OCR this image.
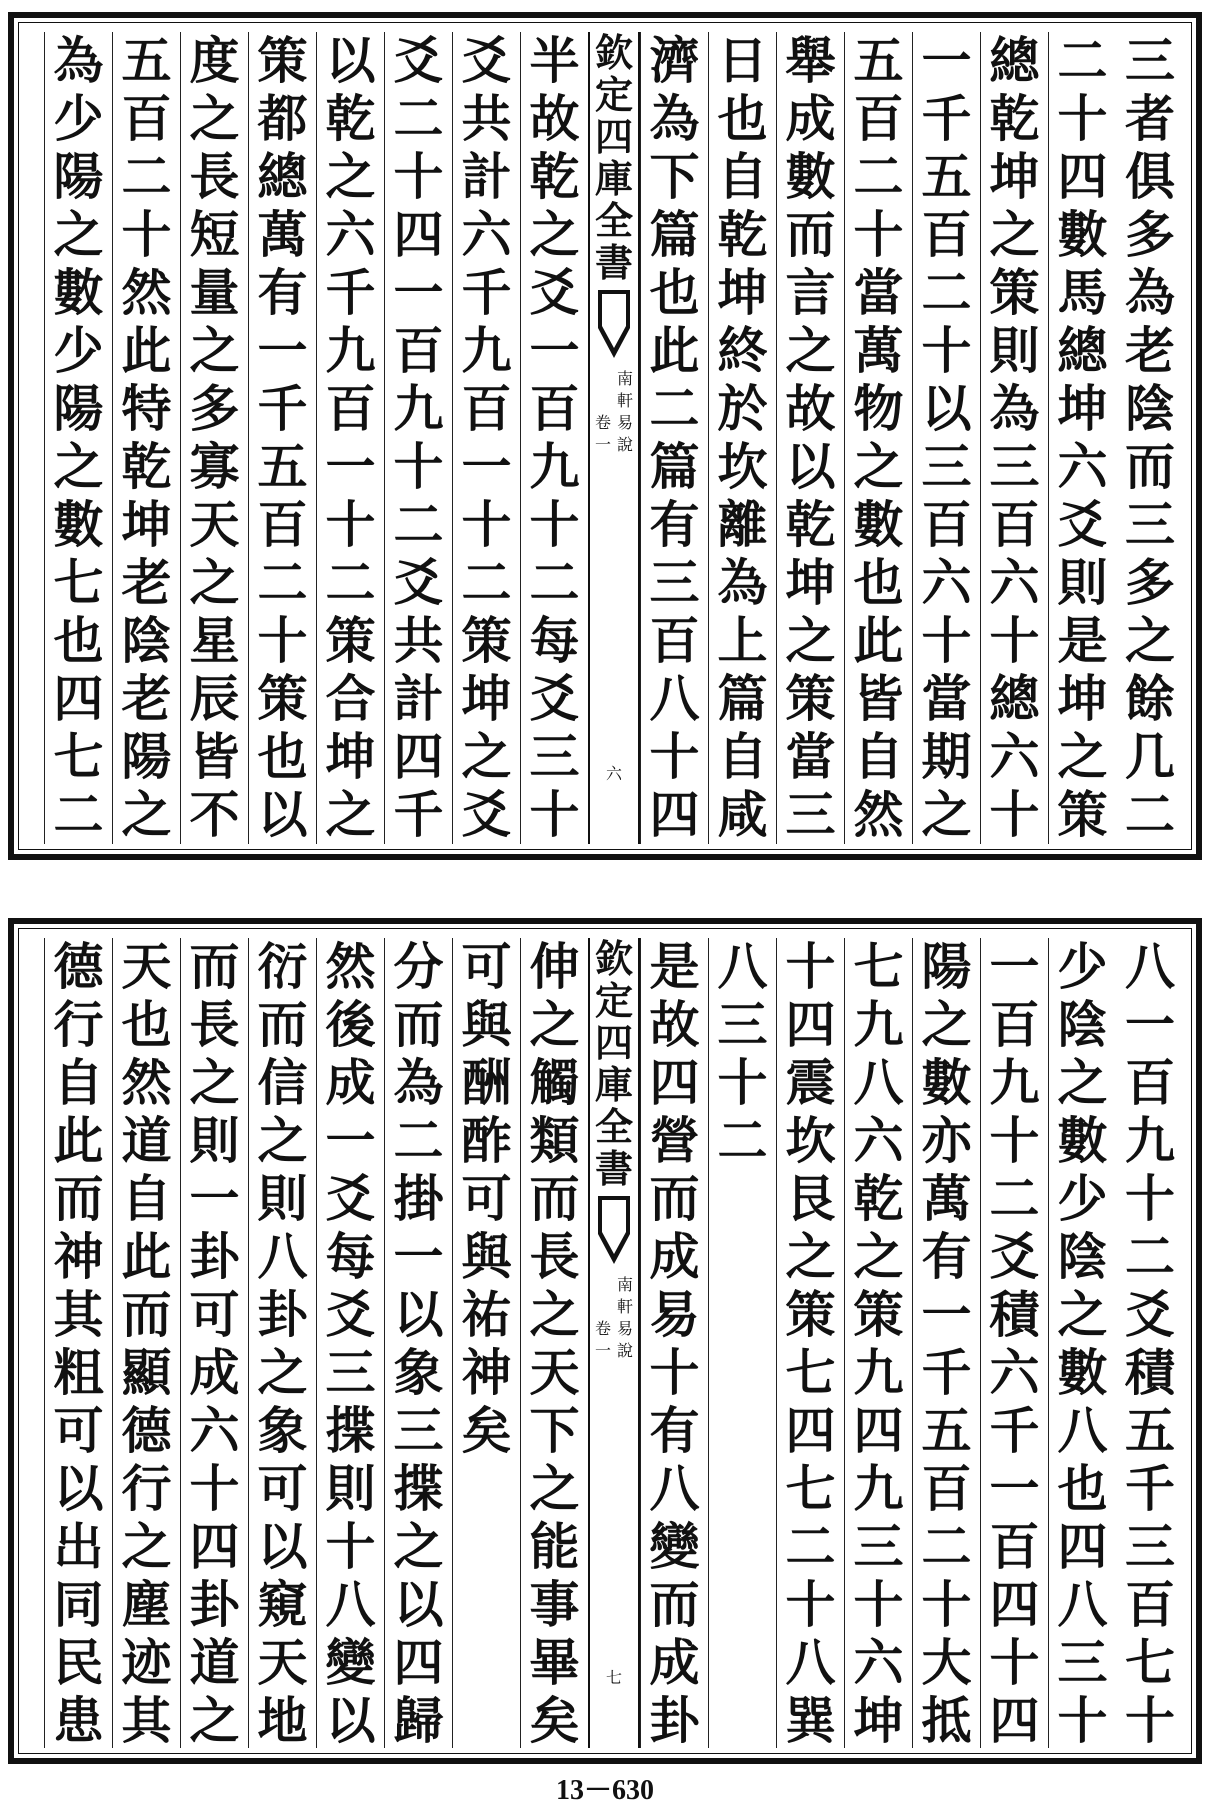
三
者
俱
多
為
老
陰
而
三
多
之
餘
几
二
二
十
四
數
馬
總
坤
六
爻
則
是
坤
之
策
總
乾
坤
之
策
則
為
三
百
六
十
總
六
十
一
千
五
百
二
十
以
三
百
六
十
當
期
之
五
百
二
十
當
萬
物
之
數
也
此
皆
自
然
舉
成
數
而
言
之
故
以
乾
坤
之
策
當
三
日
也
自
乾
坤
終
於
坎
離
為
上
篇
自
咸
濟
為
下
篇
也
此
二
篇
有
三
百
八
十
四
欽
定
四
庫
全
書
南
軒
易
說
卷
一
六
半
故
乾
之
爻
一
百
九
十
二
每
爻
三
十
爻
共
計
六
千
九
百
一
十
二
策
坤
之
爻
爻
二
十
四
一
百
九
十
二
爻
共
計
四
千
以
乾
之
六
千
九
百
一
十
二
策
合
坤
之
策
都
總
萬
有
一
千
五
百
二
十
策
也
以
度
之
長
短
量
之
多
寡
天
之
星
辰
皆
不
五
百
二
十
然
此
特
乾
坤
老
陰
老
陽
之
為
少
陽
之
數
少
陽
之
數
七
也
四
七
二
八
一
百
九
十
二
爻
積
五
千
三
百
七
十
少
陰
之
數
少
陰
之
數
八
也
四
八
三
十
一
百
九
十
二
爻
積
六
千
一
百
四
十
四
陽
之
數
亦
萬
有
一
千
五
百
二
十
大
抵
七
九
八
六
乾
之
策
九
四
九
三
十
六
坤
十
四
震
坎
艮
之
策
七
四
七
二
十
八
巽
八
三
十
二
是
故
四
營
而
成
易
十
有
八
變
而
成
卦
欽
定
四
庫
全
書
南
軒
易
說
卷
一
七
伸
之
觸
類
而
長
之
天
下
之
能
事
畢
矣
可
與
酬
酢
可
與
祐
神
矣
分
而
為
二
掛
一
以
象
三
揲
之
以
四
歸
然
後
成
一
爻
每
爻
三
揲
則
十
八
變
以
衍
而
信
之
則
八
卦
之
象
可
以
窺
天
地
而
長
之
則
一
卦
可
成
六
十
四
卦
道
之
天
也
然
道
自
此
而
顯
德
行
之
塵
迹
其
德
行
自
此
而
神
其
粗
可
以
出
同
民
患
13－630
